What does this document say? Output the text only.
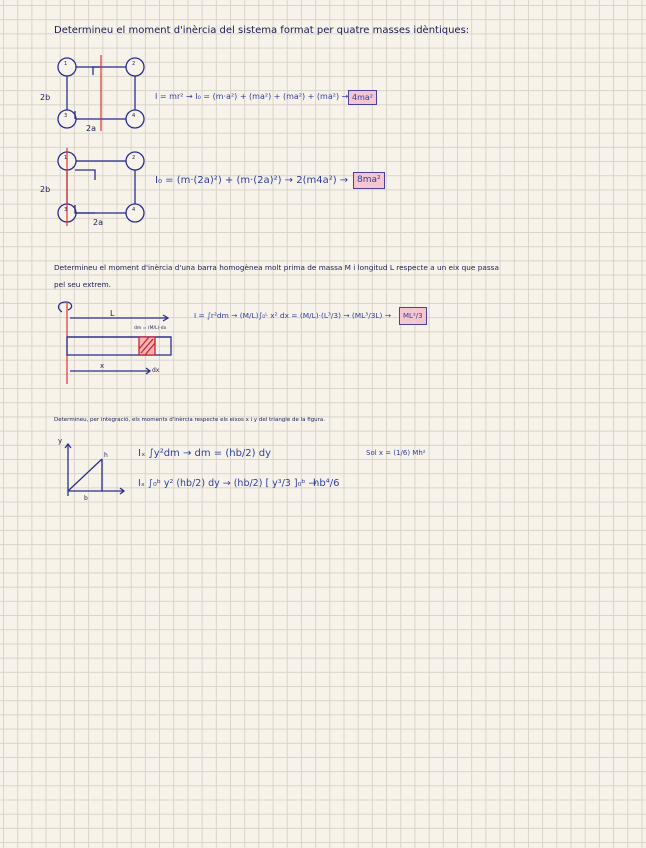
Determineu el moment d'inèrcia del sistema format per quatre masses idèntiques:
1	2
3	4
2b
2a
I = mr² → I₀ = (m·a²) + (ma²) + (ma²) + (ma²) → 4ma²
1	2
3	4
2b
2a
I₀ = (m·(2a)²) + (m·(2a)²) → 2(m4a²) → 8ma²
Determineu el moment d'inèrcia d'una barra homogènea molt prima de massa M i longitud L respecte a un eix que passa
pel seu extrem.
L
dm = (M/L)·dx
x
dx
I = ∫r²dm → (M/L)∫₀ᴸ x² dx = (M/L)·(L³/3) → (ML³/3L) →	ML²/3
Determineu, per integració, els moments d'inèrcia respecte els eixos x i y del triangle de la figura.
y
h
b
Iₓ ∫y²dm → dm = (hb/2) dy
Iₓ ∫₀ᵇ y² (hb/2) dy → (hb/2) [ y³/3 ]₀ᵇ →
hb⁴/6
Sol x = (1/6) Mh²
